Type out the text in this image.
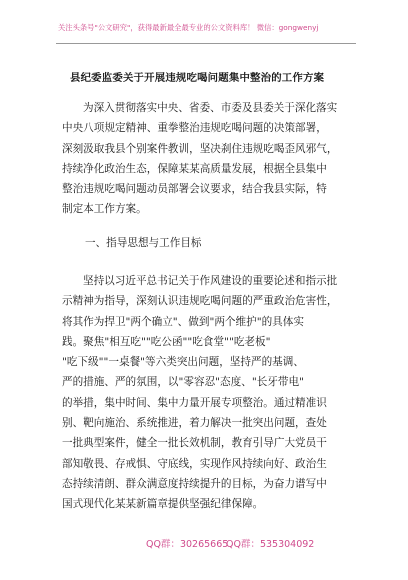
关注头条号"公文研究"，获得最新最全最专业的公文资料库！ 微信：gongwenyj
县纪委监委关于开展违规吃喝问题集中整治的工作方案
为深入贯彻落实中央、省委、市委及县委关于深化落实
中央八项规定精神、重拳整治违规吃喝问题的决策部署，
深刻汲取我县个别案件教训，坚决刹住违规吃喝歪风邪气，
持续净化政治生态，保障某某高质量发展，根据全县集中
整治违规吃喝问题动员部署会议要求，结合我县实际，特
制定本工作方案。
一、指导思想与工作目标
坚持以习近平总书记关于作风建设的重要论述和指示批
示精神为指导，深刻认识违规吃喝问题的严重政治危害性，
将其作为捍卫"两个确立"、做到"两个维护"的具体实
践。聚焦"相互吃""吃公函""吃食堂""吃老板"
"吃下级""一桌餐"等六类突出问题，坚持严的基调、
严的措施、严的氛围，以"零容忍"态度、"长牙带电"
的举措，集中时间、集中力量开展专项整治。通过精准识
别、靶向施治、系统推进，着力解决一批突出问题，查处
一批典型案件，健全一批长效机制，教育引导广大党员干
部知敬畏、存戒惧、守底线，实现作风持续向好、政治生
态持续清朗、群众满意度持续提升的目标，为奋力谱写中
国式现代化某某新篇章提供坚强纪律保障。
QQ群：30265665
QQ群：535304092
